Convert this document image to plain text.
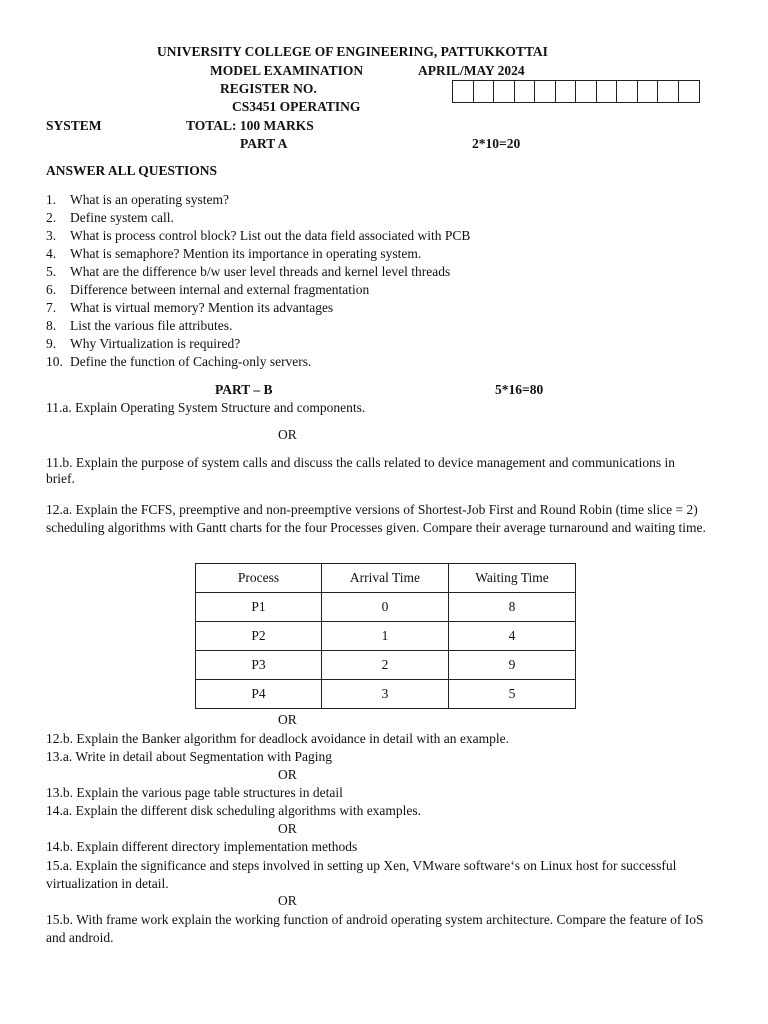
UNIVERSITY COLLEGE OF ENGINEERING, PATTUKKOTTAI
MODEL EXAMINATION	APRIL/MAY 2024
REGISTER NO.
CS3451 OPERATING
SYSTEM	TOTAL: 100 MARKS
PART A	2*10=20
ANSWER ALL QUESTIONS
1. What is an operating system?
2. Define system call.
3. What is process control block? List out the data field associated with PCB
4. What is semaphore? Mention its importance in operating system.
5. What are the difference b/w user level threads and kernel level threads
6. Difference between internal and external fragmentation
7. What is virtual memory? Mention its advantages
8. List the various file attributes.
9. Why Virtualization is required?
10. Define the function of Caching-only servers.
PART – B	5*16=80
11.a. Explain Operating System Structure and components.
OR
11.b. Explain the purpose of system calls and discuss the calls related to device management and communications in brief.
12.a. Explain the FCFS, preemptive and non-preemptive versions of Shortest-Job First and Round Robin (time slice = 2) scheduling algorithms with Gantt charts for the four Processes given. Compare their average turnaround and waiting time.
Process	Arrival Time	Waiting Time
P1	0	8
P2	1	4
P3	2	9
P4	3	5
OR
12.b. Explain the Banker algorithm for deadlock avoidance in detail with an example.
13.a. Write in detail about Segmentation with Paging
OR
13.b. Explain the various page table structures in detail
14.a. Explain the different disk scheduling algorithms with examples.
OR
14.b. Explain different directory implementation methods
15.a. Explain the significance and steps involved in setting up Xen, VMware software‘s on Linux host for successful virtualization in detail.
OR
15.b. With frame work explain the working function of android operating system architecture. Compare the feature of IoS and android.
